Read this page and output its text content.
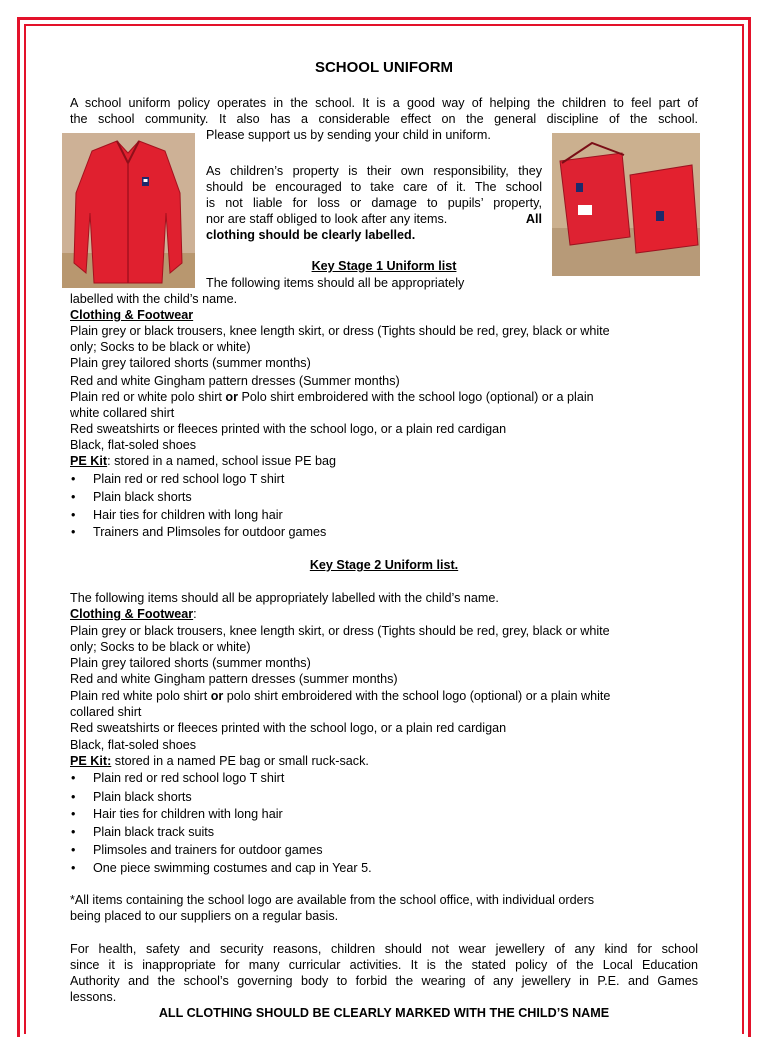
SCHOOL UNIFORM
A school uniform policy operates in the school. It is a good way of helping the children to feel part of
the school community. It also has a considerable effect on the general discipline of the school.
Please support us by sending your child in uniform.
As children’s property is their own responsibility, they
should be encouraged to take care of it. The school
is not liable for loss or damage to pupils’ property,
nor are staff obliged to look after any items.	All
clothing should be clearly labelled.
Key Stage 1 Uniform list
The following items should all be appropriately
labelled with the child’s name.
Clothing & Footwear
Plain grey or black trousers, knee length skirt, or dress (Tights should be red, grey, black or white
only; Socks to be black or white)
Plain grey tailored shorts (summer months)
Red and white Gingham pattern dresses (Summer months)
Plain red or white polo shirt or Polo shirt embroidered with the school logo (optional) or a plain
white collared shirt
Red sweatshirts or fleeces printed with the school logo, or a plain red cardigan
Black, flat-soled shoes
PE Kit: stored in a named, school issue PE bag
• Plain red or red school logo T shirt
• Plain black shorts
• Hair ties for children with long hair
• Trainers and Plimsoles for outdoor games
Key Stage 2 Uniform list.
The following items should all be appropriately labelled with the child’s name.
Clothing & Footwear:
Plain grey or black trousers, knee length skirt, or dress (Tights should be red, grey, black or white
only; Socks to be black or white)
Plain grey tailored shorts (summer months)
Red and white Gingham pattern dresses (summer months)
Plain red white polo shirt or polo shirt embroidered with the school logo (optional) or a plain white
collared shirt
Red sweatshirts or fleeces printed with the school logo, or a plain red cardigan
Black, flat-soled shoes
PE Kit: stored in a named PE bag or small ruck-sack.
• Plain red or red school logo T shirt
• Plain black shorts
• Hair ties for children with long hair
• Plain black track suits
• Plimsoles and trainers for outdoor games
• One piece swimming costumes and cap in Year 5.
*All items containing the school logo are available from the school office, with individual orders
being placed to our suppliers on a regular basis.
For health, safety and security reasons, children should not wear jewellery of any kind for school
since it is inappropriate for many curricular activities. It is the stated policy of the Local Education
Authority and the school’s governing body to forbid the wearing of any jewellery in P.E. and Games
lessons.
ALL CLOTHING SHOULD BE CLEARLY MARKED WITH THE CHILD’S NAME
